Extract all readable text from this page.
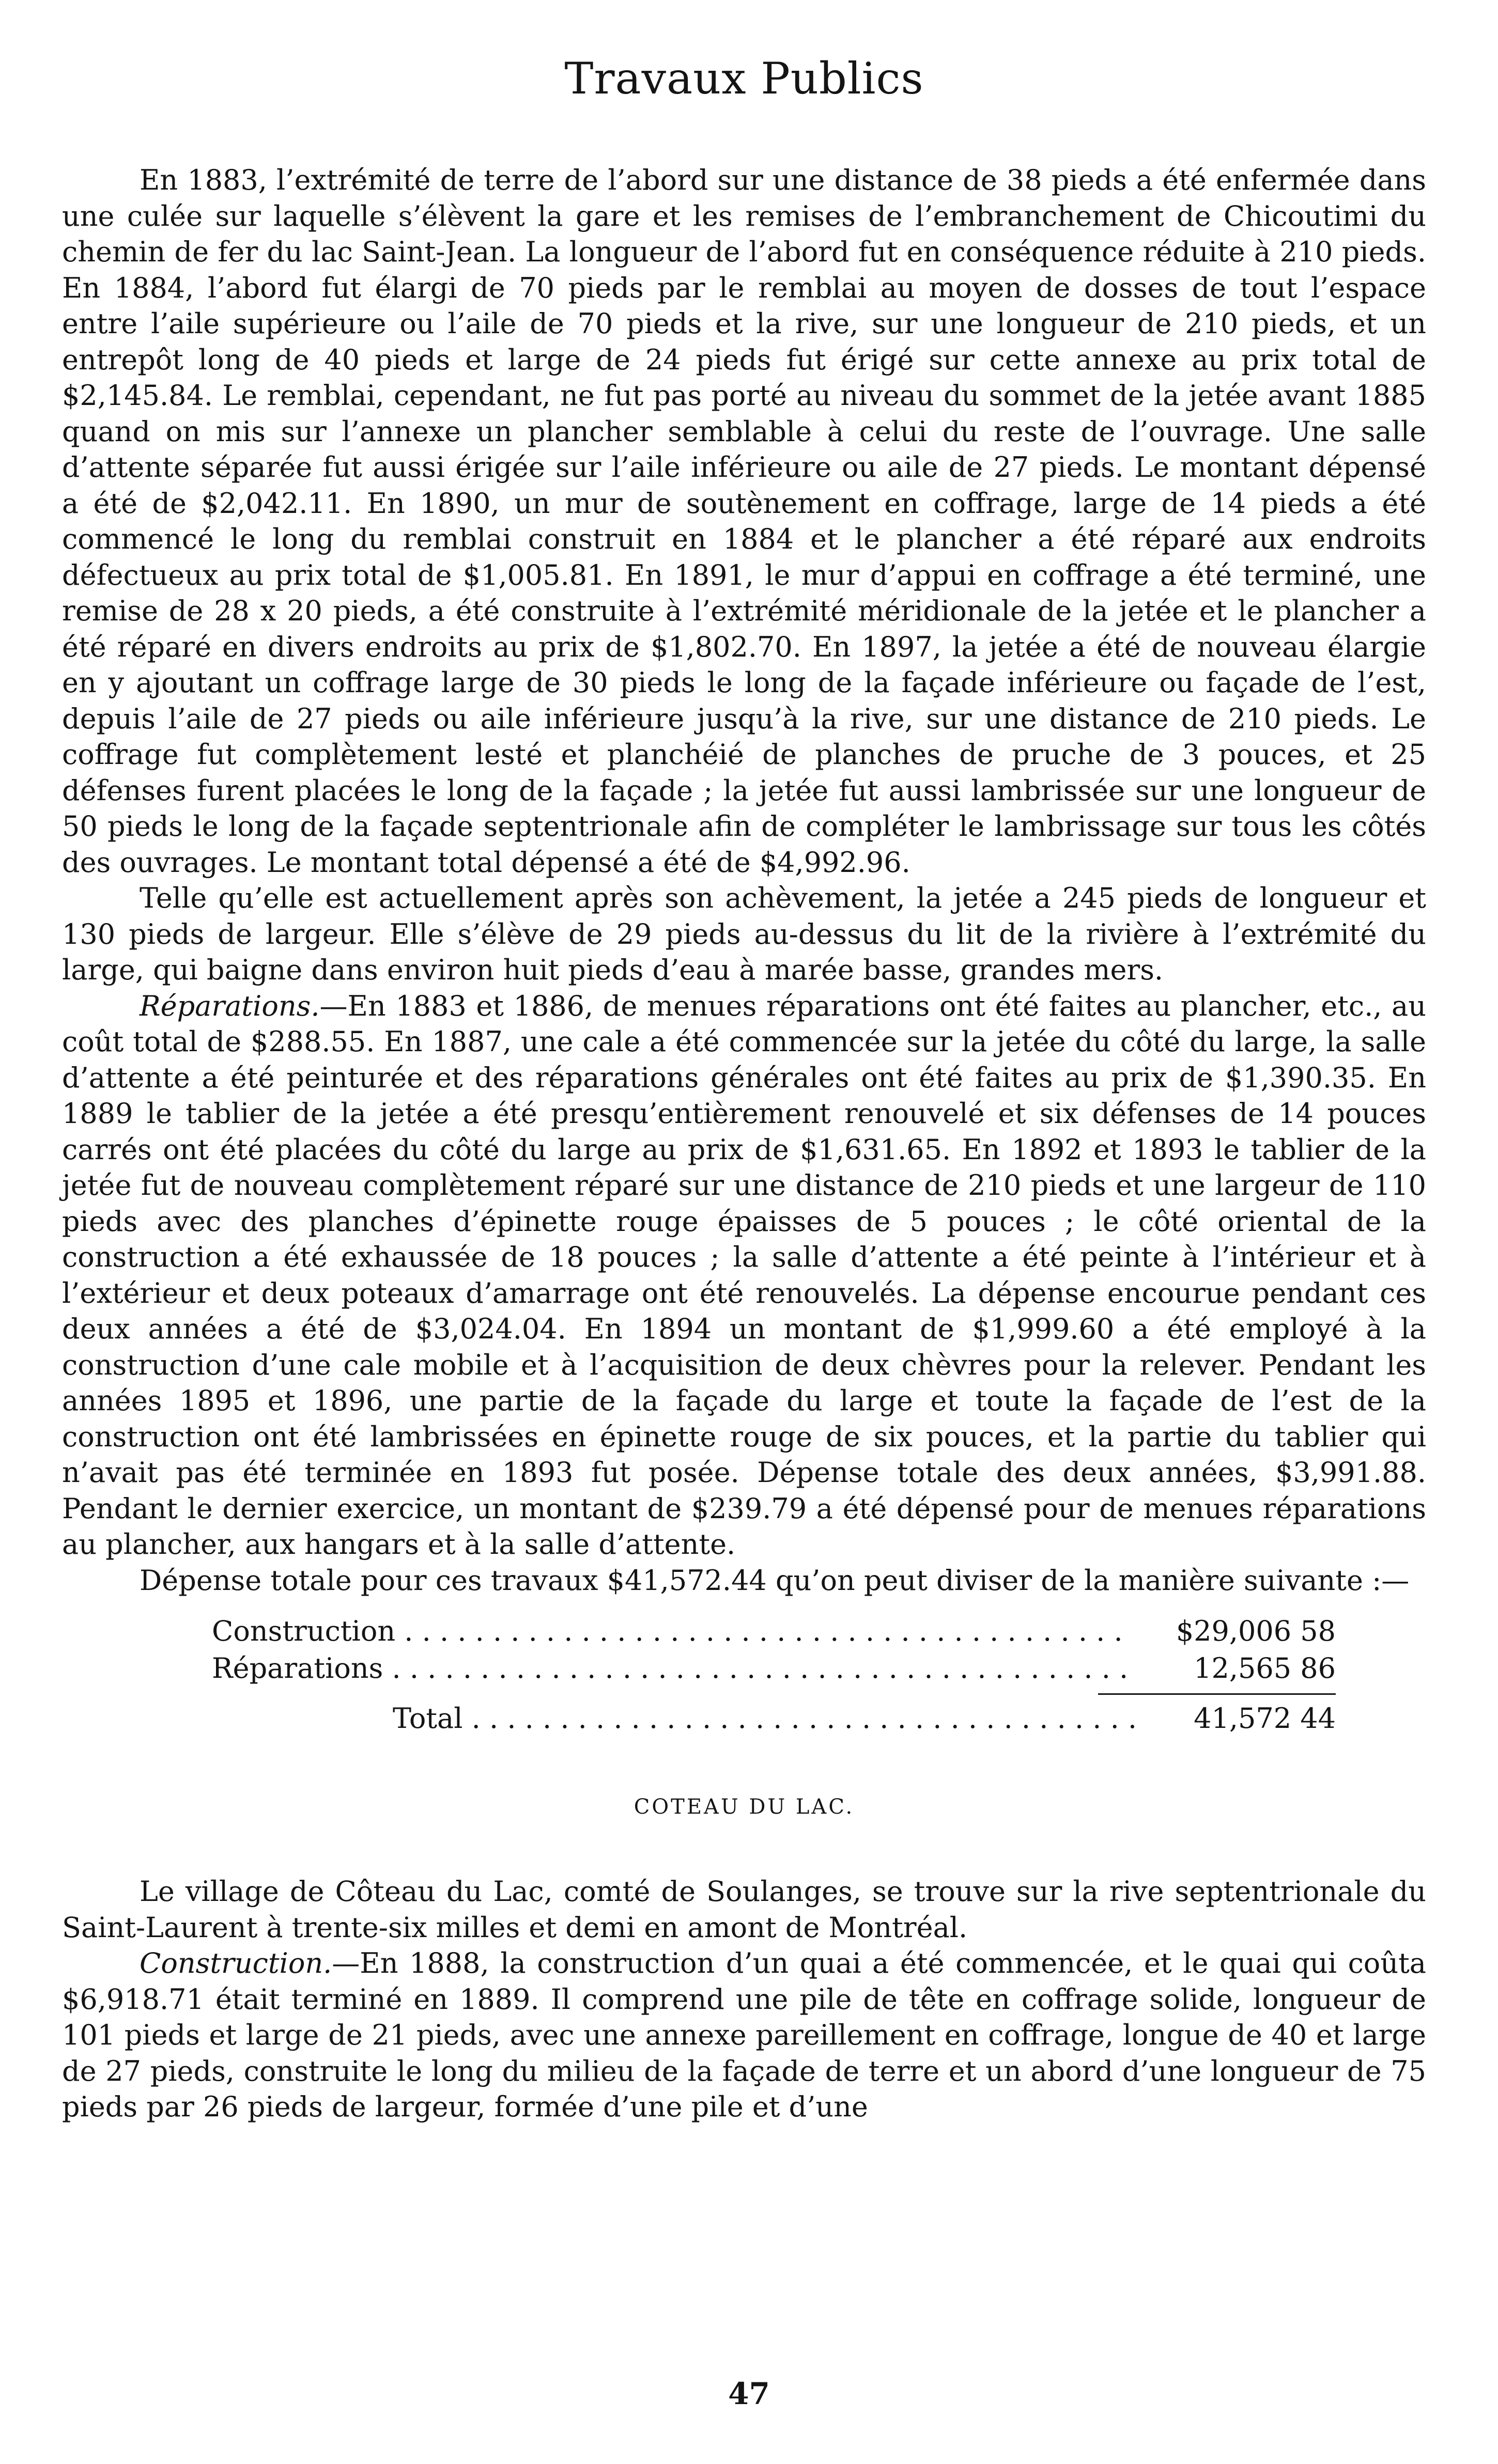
Travaux Publics

En 1883, l’extrémité de terre de l’abord sur une distance de 38 pieds a été enfermée dans une culée sur laquelle s’élèvent la gare et les remises de l’embranchement de Chicoutimi du chemin de fer du lac Saint-Jean. La longueur de l’abord fut en conséquence réduite à 210 pieds. En 1884, l’abord fut élargi de 70 pieds par le remblai au moyen de dosses de tout l’espace entre l’aile supérieure ou l’aile de 70 pieds et la rive, sur une longueur de 210 pieds, et un entrepôt long de 40 pieds et large de 24 pieds fut érigé sur cette annexe au prix total de $2,145.84. Le remblai, cependant, ne fut pas porté au niveau du sommet de la jetée avant 1885 quand on mis sur l’annexe un plancher semblable à celui du reste de l’ouvrage. Une salle d’attente séparée fut aussi érigée sur l’aile inférieure ou aile de 27 pieds. Le montant dépensé a été de $2,042.11. En 1890, un mur de soutènement en coffrage, large de 14 pieds a été commencé le long du remblai construit en 1884 et le plancher a été réparé aux endroits défectueux au prix total de $1,005.81. En 1891, le mur d’appui en coffrage a été terminé, une remise de 28 x 20 pieds, a été construite à l’extrémité méridionale de la jetée et le plancher a été réparé en divers endroits au prix de $1,802.70. En 1897, la jetée a été de nouveau élargie en y ajoutant un coffrage large de 30 pieds le long de la façade inférieure ou façade de l’est, depuis l’aile de 27 pieds ou aile inférieure jusqu’à la rive, sur une distance de 210 pieds. Le coffrage fut complètement lesté et planchéié de planches de pruche de 3 pouces, et 25 défenses furent placées le long de la façade ; la jetée fut aussi lambrissée sur une longueur de 50 pieds le long de la façade septentrionale afin de compléter le lambrissage sur tous les côtés des ouvrages. Le montant total dépensé a été de $4,992.96.

Telle qu’elle est actuellement après son achèvement, la jetée a 245 pieds de longueur et 130 pieds de largeur. Elle s’élève de 29 pieds au-dessus du lit de la rivière à l’extrémité du large, qui baigne dans environ huit pieds d’eau à marée basse, grandes mers.

Réparations.—En 1883 et 1886, de menues réparations ont été faites au plancher, etc., au coût total de $288.55. En 1887, une cale a été commencée sur la jetée du côté du large, la salle d’attente a été peinturée et des réparations générales ont été faites au prix de $1,390.35. En 1889 le tablier de la jetée a été presqu’entièrement renouvelé et six défenses de 14 pouces carrés ont été placées du côté du large au prix de $1,631.65. En 1892 et 1893 le tablier de la jetée fut de nouveau complètement réparé sur une distance de 210 pieds et une largeur de 110 pieds avec des planches d’épinette rouge épaisses de 5 pouces ; le côté oriental de la construction a été exhaussée de 18 pouces ; la salle d’attente a été peinte à l’intérieur et à l’extérieur et deux poteaux d’amarrage ont été renouvelés. La dépense encourue pendant ces deux années a été de $3,024.04. En 1894 un montant de $1,999.60 a été employé à la construction d’une cale mobile et à l’acquisition de deux chèvres pour la relever. Pendant les années 1895 et 1896, une partie de la façade du large et toute la façade de l’est de la construction ont été lambrissées en épinette rouge de six pouces, et la partie du tablier qui n’avait pas été terminée en 1893 fut posée. Dépense totale des deux années, $3,991.88. Pendant le dernier exercice, un montant de $239.79 a été dépensé pour de menues réparations au plancher, aux hangars et à la salle d’attente.

Dépense totale pour ces travaux $41,572.44 qu’on peut diviser de la manière suivante :—

Construction . . .	$29,006 58
Réparations . . .	12,565 86
Total . . .	41,572 44
COTEAU DU LAC.

Le village de Côteau du Lac, comté de Soulanges, se trouve sur la rive septentrionale du Saint-Laurent à trente-six milles et demi en amont de Montréal.

Construction.—En 1888, la construction d’un quai a été commencée, et le quai qui coûta $6,918.71 était terminé en 1889. Il comprend une pile de tête en coffrage solide, longueur de 101 pieds et large de 21 pieds, avec une annexe pareillement en coffrage, longue de 40 et large de 27 pieds, construite le long du milieu de la façade de terre et un abord d’une longueur de 75 pieds par 26 pieds de largeur, formée d’une pile et d’une

47
